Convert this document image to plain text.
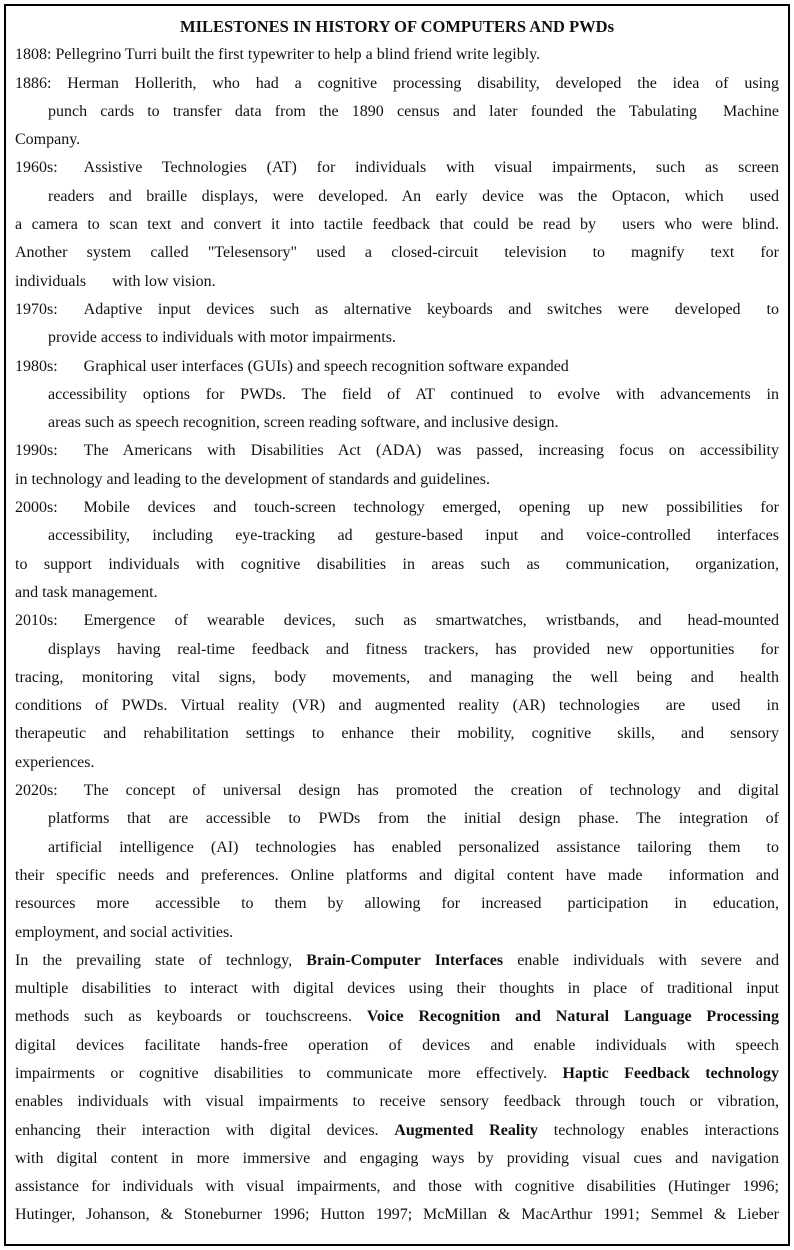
MILESTONES IN HISTORY OF COMPUTERS AND PWDs
1808: Pellegrino Turri built the first typewriter to help a blind friend write legibly.
1886: Herman Hollerith, who had a cognitive processing disability, developed the idea of using
punch cards to transfer data from the 1890 census and later founded the Tabulating Machine
Company.
1960s: Assistive Technologies (AT) for individuals with visual impairments, such as screen
readers and braille displays, were developed. An early device was the Optacon, which used
a camera to scan text and convert it into tactile feedback that could be read by users who were blind.
Another system called "Telesensory" used a closed-circuit television to magnify text for
individuals with low vision.
1970s: Adaptive input devices such as alternative keyboards and switches were developed to
provide access to individuals with motor impairments.
1980s: Graphical user interfaces (GUIs) and speech recognition software expanded
accessibility options for PWDs. The field of AT continued to evolve with advancements in
areas such as speech recognition, screen reading software, and inclusive design.
1990s: The Americans with Disabilities Act (ADA) was passed, increasing focus on accessibility
in technology and leading to the development of standards and guidelines.
2000s: Mobile devices and touch-screen technology emerged, opening up new possibilities for
accessibility, including eye-tracking ad gesture-based input and voice-controlled interfaces
to support individuals with cognitive disabilities in areas such as communication, organization,
and task management.
2010s: Emergence of wearable devices, such as smartwatches, wristbands, and head-mounted
displays having real-time feedback and fitness trackers, has provided new opportunities for
tracing, monitoring vital signs, body movements, and managing the well being and health
conditions of PWDs. Virtual reality (VR) and augmented reality (AR) technologies are used in
therapeutic and rehabilitation settings to enhance their mobility, cognitive skills, and sensory
experiences.
2020s: The concept of universal design has promoted the creation of technology and digital
platforms that are accessible to PWDs from the initial design phase. The integration of
artificial intelligence (AI) technologies has enabled personalized assistance tailoring them to
their specific needs and preferences. Online platforms and digital content have made information and
resources more accessible to them by allowing for increased participation in education,
employment, and social activities.
In the prevailing state of technlogy, Brain-Computer Interfaces enable individuals with severe and
multiple disabilities to interact with digital devices using their thoughts in place of traditional input
methods such as keyboards or touchscreens. Voice Recognition and Natural Language Processing
digital devices facilitate hands-free operation of devices and enable individuals with speech
impairments or cognitive disabilities to communicate more effectively. Haptic Feedback technology
enables individuals with visual impairments to receive sensory feedback through touch or vibration,
enhancing their interaction with digital devices. Augmented Reality technology enables interactions
with digital content in more immersive and engaging ways by providing visual cues and navigation
assistance for individuals with visual impairments, and those with cognitive disabilities (Hutinger 1996;
Hutinger, Johanson, & Stoneburner 1996; Hutton 1997; McMillan & MacArthur 1991; Semmel & Lieber
